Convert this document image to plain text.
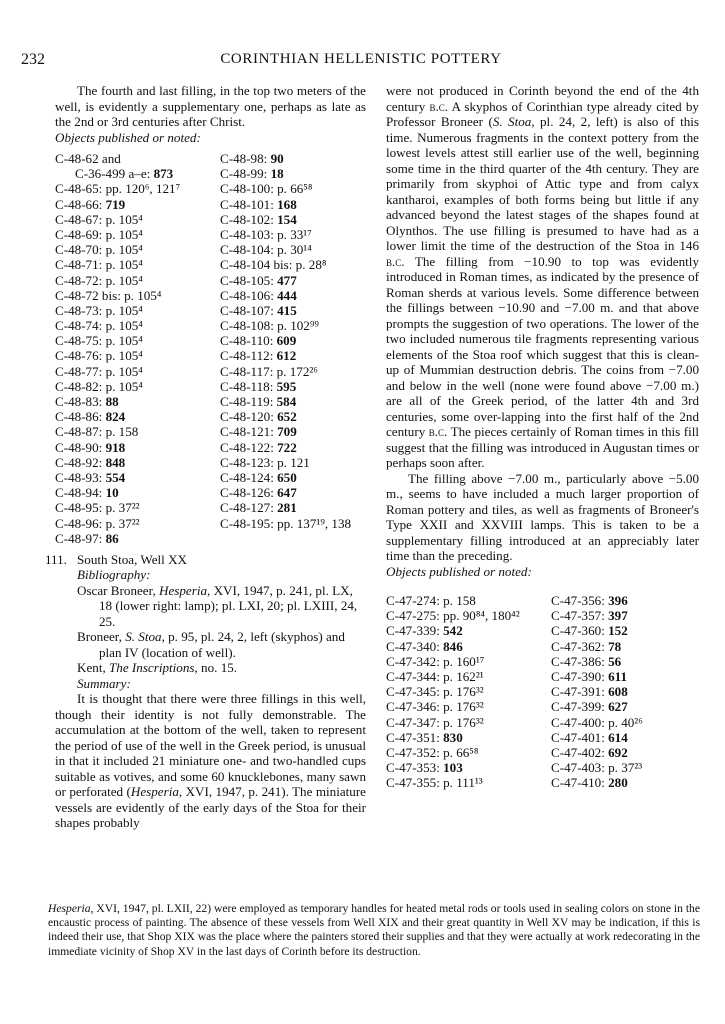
232	CORINTHIAN HELLENISTIC POTTERY

The fourth and last filling, in the top two meters of the well, is evidently a supplementary one, perhaps as late as the 2nd or 3rd centuries after Christ.

Objects published or noted:

C-48-62 and
C-36-499 a–e: 873
C-48-65: pp. 120⁶, 121⁷
C-48-66: 719
C-48-67: p. 105⁴
C-48-69: p. 105⁴
C-48-70: p. 105⁴
C-48-71: p. 105⁴
C-48-72: p. 105⁴
C-48-72 bis: p. 105⁴
C-48-73: p. 105⁴
C-48-74: p. 105⁴
C-48-75: p. 105⁴
C-48-76: p. 105⁴
C-48-77: p. 105⁴
C-48-82: p. 105⁴
C-48-83: 88
C-48-86: 824
C-48-87: p. 158
C-48-90: 918
C-48-92: 848
C-48-93: 554
C-48-94: 10
C-48-95: p. 37²²
C-48-96: p. 37²²
C-48-97: 86
C-48-98: 90
C-48-99: 18
C-48-100: p. 66⁵⁸
C-48-101: 168
C-48-102: 154
C-48-103: p. 33¹⁷
C-48-104: p. 30¹⁴
C-48-104 bis: p. 28⁸
C-48-105: 477
C-48-106: 444
C-48-107: 415
C-48-108: p. 102⁹⁹
C-48-110: 609
C-48-112: 612
C-48-117: p. 172²⁶
C-48-118: 595
C-48-119: 584
C-48-120: 652
C-48-121: 709
C-48-122: 722
C-48-123: p. 121
C-48-124: 650
C-48-126: 647
C-48-127: 281
C-48-195: pp. 137¹⁹, 138
111. South Stoa, Well XX

Bibliography:

Oscar Broneer, Hesperia, XVI, 1947, p. 241, pl. LX, 18 (lower right: lamp); pl. LXI, 20; pl. LXIII, 24, 25.

Broneer, S. Stoa, p. 95, pl. 24, 2, left (skyphos) and plan IV (location of well).

Kent, The Inscriptions, no. 15.

Summary:

It is thought that there were three fillings in this well, though their identity is not fully demonstrable. The accumulation at the bottom of the well, taken to represent the period of use of the well in the Greek period, is unusual in that it included 21 miniature one- and two-handled cups suitable as votives, and some 60 knucklebones, many sawn or perforated (Hesperia, XVI, 1947, p. 241). The miniature vessels are evidently of the early days of the Stoa for their shapes probably

were not produced in Corinth beyond the end of the 4th century b.c. A skyphos of Corinthian type already cited by Professor Broneer (S. Stoa, pl. 24, 2, left) is also of this time. Numerous fragments in the context pottery from the lowest levels attest still earlier use of the well, beginning some time in the third quarter of the 4th century. They are primarily from skyphoi of Attic type and from calyx kantharoi, examples of both forms being but little if any advanced beyond the latest stages of the shapes found at Olynthos. The use filling is presumed to have had as a lower limit the time of the destruction of the Stoa in 146 b.c. The filling from −10.90 to top was evidently introduced in Roman times, as indicated by the presence of Roman sherds at various levels. Some difference between the fillings between −10.90 and −7.00 m. and that above prompts the suggestion of two operations. The lower of the two included numerous tile fragments representing various elements of the Stoa roof which suggest that this is clean-up of Mummian destruction debris. The coins from −7.00 and below in the well (none were found above −7.00 m.) are all of the Greek period, of the latter 4th and 3rd centuries, some over-lapping into the first half of the 2nd century b.c. The pieces certainly of Roman times in this fill suggest that the filling was introduced in Augustan times or perhaps soon after.

The filling above −7.00 m., particularly above −5.00 m., seems to have included a much larger proportion of Roman pottery and tiles, as well as fragments of Broneer's Type XXII and XXVIII lamps. This is taken to be a supplementary filling introduced at an appreciably later time than the preceding.

Objects published or noted:

C-47-274: p. 158
C-47-275: pp. 90⁸⁴, 180⁴²
C-47-339: 542
C-47-340: 846
C-47-342: p. 160¹⁷
C-47-344: p. 162²¹
C-47-345: p. 176³²
C-47-346: p. 176³²
C-47-347: p. 176³²
C-47-351: 830
C-47-352: p. 66⁵⁸
C-47-353: 103
C-47-355: p. 111¹³
C-47-356: 396
C-47-357: 397
C-47-360: 152
C-47-362: 78
C-47-386: 56
C-47-390: 611
C-47-391: 608
C-47-399: 627
C-47-400: p. 40²⁶
C-47-401: 614
C-47-402: 692
C-47-403: p. 37²³
C-47-410: 280
Hesperia, XVI, 1947, pl. LXII, 22) were employed as temporary handles for heated metal rods or tools used in sealing colors on stone in the encaustic process of painting. The absence of these vessels from Well XIX and their great quantity in Well XV may be indication, if this is indeed their use, that Shop XIX was the place where the painters stored their supplies and that they were actually at work redecorating in the immediate vicinity of Shop XV in the last days of Corinth before its destruction.
